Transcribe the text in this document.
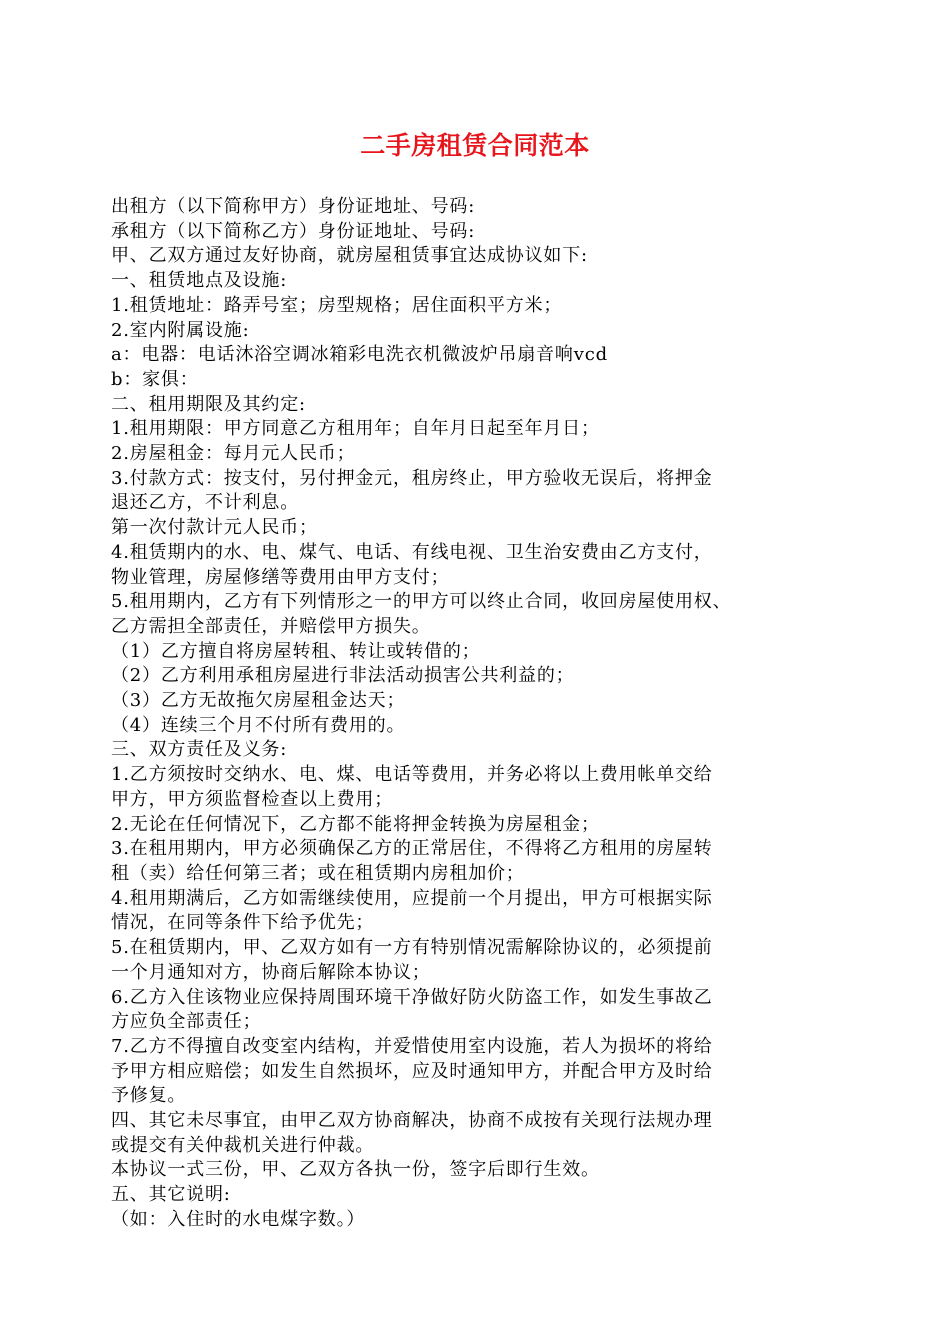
二手房租赁合同范本
出租方（以下简称甲方）身份证地址、号码:
承租方（以下简称乙方）身份证地址、号码:
甲、乙双方通过友好协商，就房屋租赁事宜达成协议如下:
一、租赁地点及设施:
1.租赁地址：路弄号室；房型规格；居住面积平方米；
2.室内附属设施:
a：电器：电话沐浴空调冰箱彩电洗衣机微波炉吊扇音响vcd
b：家俱：
二、租用期限及其约定:
1.租用期限：甲方同意乙方租用年；自年月日起至年月日；
2.房屋租金：每月元人民币；
3.付款方式：按支付，另付押金元，租房终止，甲方验收无误后，将押金
退还乙方，不计利息。
第一次付款计元人民币；
4.租赁期内的水、电、煤气、电话、有线电视、卫生治安费由乙方支付，
物业管理，房屋修缮等费用由甲方支付；
5.租用期内，乙方有下列情形之一的甲方可以终止合同，收回房屋使用权、
乙方需担全部责任，并赔偿甲方损失。
（1）乙方擅自将房屋转租、转让或转借的；
（2）乙方利用承租房屋进行非法活动损害公共利益的；
（3）乙方无故拖欠房屋租金达天；
（4）连续三个月不付所有费用的。
三、双方责任及义务:
1.乙方须按时交纳水、电、煤、电话等费用，并务必将以上费用帐单交给
甲方，甲方须监督检查以上费用；
2.无论在任何情况下，乙方都不能将押金转换为房屋租金；
3.在租用期内，甲方必须确保乙方的正常居住，不得将乙方租用的房屋转
租（卖）给任何第三者；或在租赁期内房租加价；
4.租用期满后，乙方如需继续使用，应提前一个月提出，甲方可根据实际
情况，在同等条件下给予优先；
5.在租赁期内，甲、乙双方如有一方有特别情况需解除协议的，必须提前
一个月通知对方，协商后解除本协议；
6.乙方入住该物业应保持周围环境干净做好防火防盗工作，如发生事故乙
方应负全部责任；
7.乙方不得擅自改变室内结构，并爱惜使用室内设施，若人为损坏的将给
予甲方相应赔偿；如发生自然损坏，应及时通知甲方，并配合甲方及时给
予修复。
四、其它未尽事宜，由甲乙双方协商解决，协商不成按有关现行法规办理
或提交有关仲裁机关进行仲裁。
本协议一式三份，甲、乙双方各执一份，签字后即行生效。
五、其它说明:
（如：入住时的水电煤字数。）
